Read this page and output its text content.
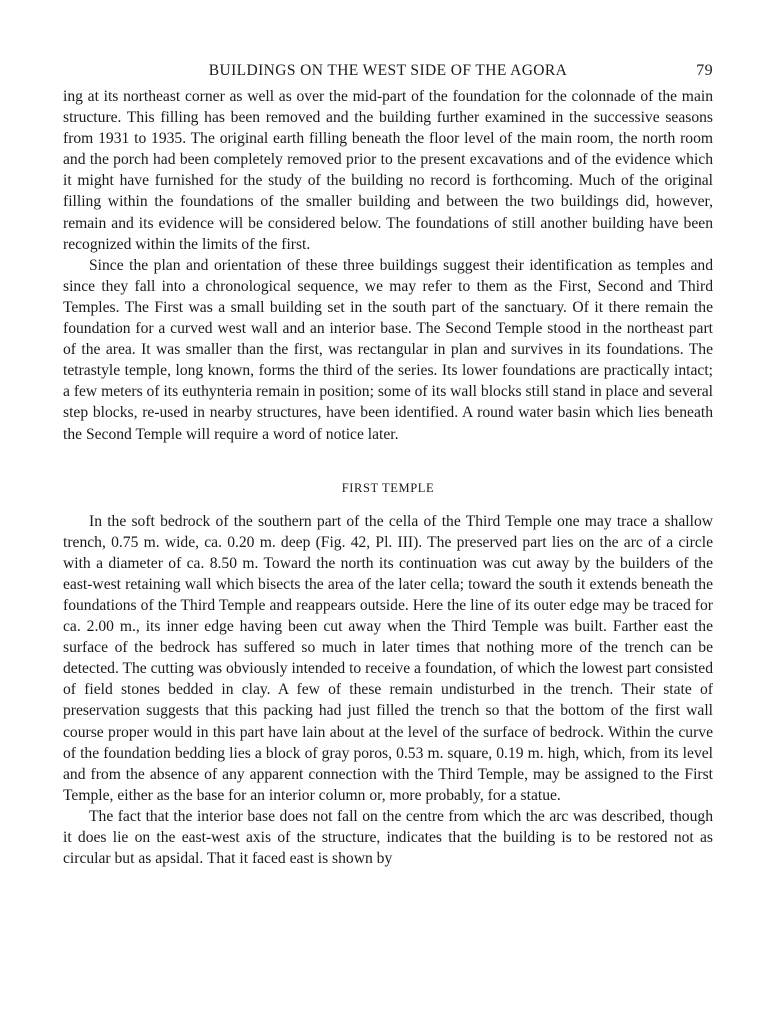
BUILDINGS ON THE WEST SIDE OF THE AGORA	79

ing at its northeast corner as well as over the mid-part of the foundation for the colonnade of the main structure. This filling has been removed and the building further examined in the successive seasons from 1931 to 1935. The original earth filling beneath the floor level of the main room, the north room and the porch had been completely removed prior to the present excavations and of the evidence which it might have furnished for the study of the building no record is forthcoming. Much of the original filling within the foundations of the smaller building and between the two buildings did, however, remain and its evidence will be considered below. The foundations of still another building have been recognized within the limits of the first.

Since the plan and orientation of these three buildings suggest their identification as temples and since they fall into a chronological sequence, we may refer to them as the First, Second and Third Temples. The First was a small building set in the south part of the sanctuary. Of it there remain the foundation for a curved west wall and an interior base. The Second Temple stood in the northeast part of the area. It was smaller than the first, was rectangular in plan and survives in its foundations. The tetrastyle temple, long known, forms the third of the series. Its lower foundations are practically intact; a few meters of its euthynteria remain in position; some of its wall blocks still stand in place and several step blocks, re-used in nearby structures, have been identified. A round water basin which lies beneath the Second Temple will require a word of notice later.

FIRST TEMPLE

In the soft bedrock of the southern part of the cella of the Third Temple one may trace a shallow trench, 0.75 m. wide, ca. 0.20 m. deep (Fig. 42, Pl. III). The preserved part lies on the arc of a circle with a diameter of ca. 8.50 m. Toward the north its continuation was cut away by the builders of the east-west retaining wall which bisects the area of the later cella; toward the south it extends beneath the foundations of the Third Temple and reappears outside. Here the line of its outer edge may be traced for ca. 2.00 m., its inner edge having been cut away when the Third Temple was built. Farther east the surface of the bedrock has suffered so much in later times that nothing more of the trench can be detected. The cutting was obviously intended to receive a foundation, of which the lowest part consisted of field stones bedded in clay. A few of these remain undisturbed in the trench. Their state of preservation suggests that this packing had just filled the trench so that the bottom of the first wall course proper would in this part have lain about at the level of the surface of bedrock. Within the curve of the foundation bedding lies a block of gray poros, 0.53 m. square, 0.19 m. high, which, from its level and from the absence of any apparent connection with the Third Temple, may be assigned to the First Temple, either as the base for an interior column or, more probably, for a statue.

The fact that the interior base does not fall on the centre from which the arc was described, though it does lie on the east-west axis of the structure, indicates that the building is to be restored not as circular but as apsidal. That it faced east is shown by
